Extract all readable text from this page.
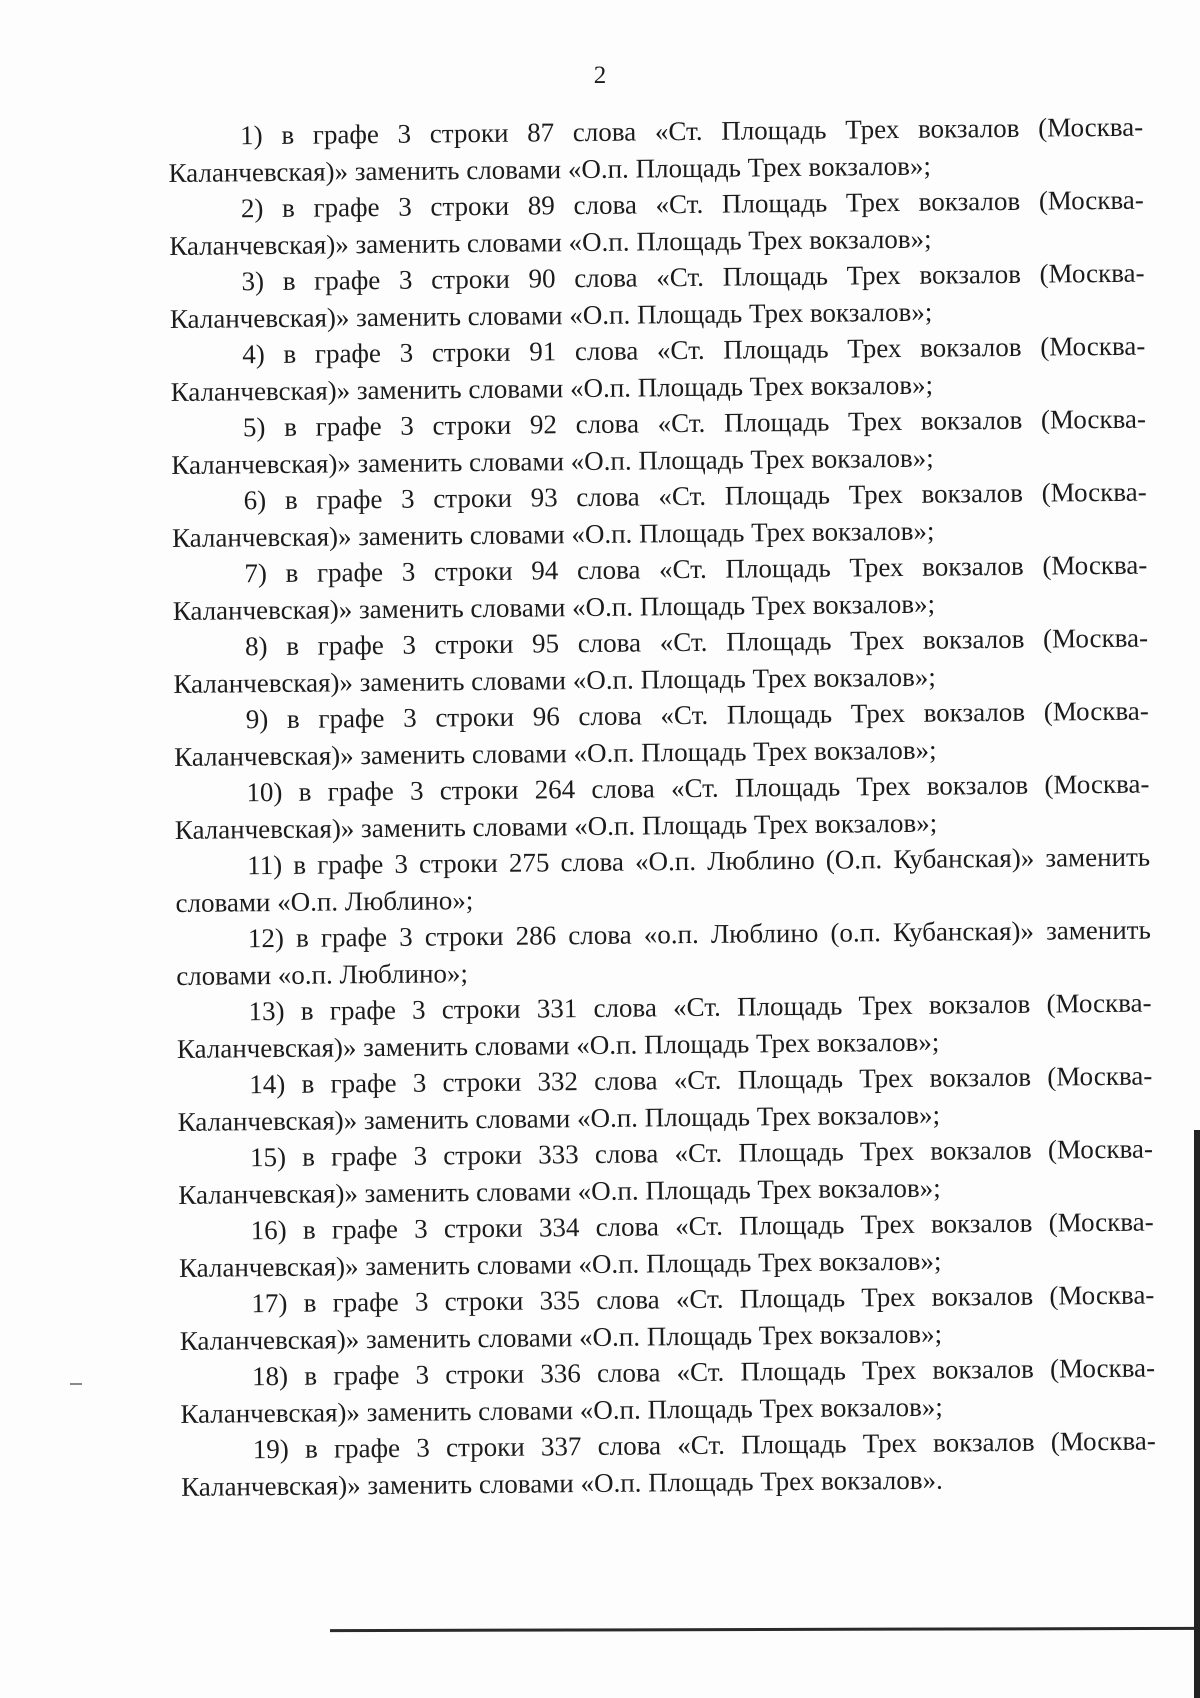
2

1) в графе 3 строки 87 слова «Ст. Площадь Трех вокзалов (Москва-
Каланчевская)» заменить словами «О.п. Площадь Трех вокзалов»;

2) в графе 3 строки 89 слова «Ст. Площадь Трех вокзалов (Москва-
Каланчевская)» заменить словами «О.п. Площадь Трех вокзалов»;

3) в графе 3 строки 90 слова «Ст. Площадь Трех вокзалов (Москва-
Каланчевская)» заменить словами «О.п. Площадь Трех вокзалов»;

4) в графе 3 строки 91 слова «Ст. Площадь Трех вокзалов (Москва-
Каланчевская)» заменить словами «О.п. Площадь Трех вокзалов»;

5) в графе 3 строки 92 слова «Ст. Площадь Трех вокзалов (Москва-
Каланчевская)» заменить словами «О.п. Площадь Трех вокзалов»;

6) в графе 3 строки 93 слова «Ст. Площадь Трех вокзалов (Москва-
Каланчевская)» заменить словами «О.п. Площадь Трех вокзалов»;

7) в графе 3 строки 94 слова «Ст. Площадь Трех вокзалов (Москва-
Каланчевская)» заменить словами «О.п. Площадь Трех вокзалов»;

8) в графе 3 строки 95 слова «Ст. Площадь Трех вокзалов (Москва-
Каланчевская)» заменить словами «О.п. Площадь Трех вокзалов»;

9) в графе 3 строки 96 слова «Ст. Площадь Трех вокзалов (Москва-
Каланчевская)» заменить словами «О.п. Площадь Трех вокзалов»;

10) в графе 3 строки 264 слова «Ст. Площадь Трех вокзалов (Москва-
Каланчевская)» заменить словами «О.п. Площадь Трех вокзалов»;

11) в графе 3 строки 275 слова «О.п. Люблино (О.п. Кубанская)» заменить
словами «О.п. Люблино»;

12) в графе 3 строки 286 слова «о.п. Люблино (о.п. Кубанская)» заменить
словами «о.п. Люблино»;

13) в графе 3 строки 331 слова «Ст. Площадь Трех вокзалов (Москва-
Каланчевская)» заменить словами «О.п. Площадь Трех вокзалов»;

14) в графе 3 строки 332 слова «Ст. Площадь Трех вокзалов (Москва-
Каланчевская)» заменить словами «О.п. Площадь Трех вокзалов»;

15) в графе 3 строки 333 слова «Ст. Площадь Трех вокзалов (Москва-
Каланчевская)» заменить словами «О.п. Площадь Трех вокзалов»;

16) в графе 3 строки 334 слова «Ст. Площадь Трех вокзалов (Москва-
Каланчевская)» заменить словами «О.п. Площадь Трех вокзалов»;

17) в графе 3 строки 335 слова «Ст. Площадь Трех вокзалов (Москва-
Каланчевская)» заменить словами «О.п. Площадь Трех вокзалов»;

18) в графе 3 строки 336 слова «Ст. Площадь Трех вокзалов (Москва-
Каланчевская)» заменить словами «О.п. Площадь Трех вокзалов»;

19) в графе 3 строки 337 слова «Ст. Площадь Трех вокзалов (Москва-
Каланчевская)» заменить словами «О.п. Площадь Трех вокзалов».
